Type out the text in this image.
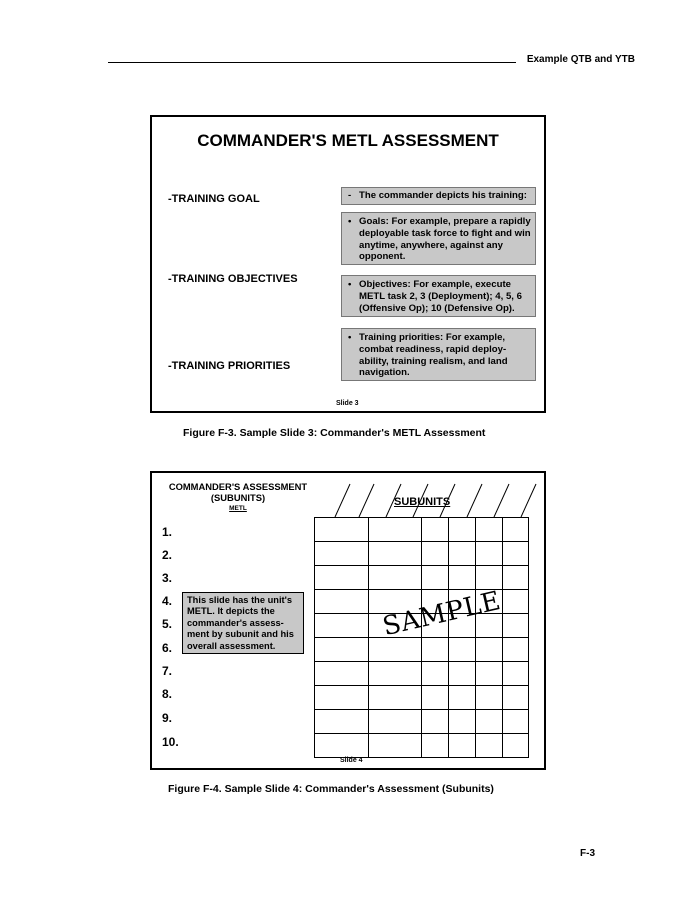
Example QTB and YTB
COMMANDER'S METL ASSESSMENT
-TRAINING GOAL
-TRAINING OBJECTIVES
-TRAINING PRIORITIES
- The commander depicts his training:
• Goals: For example, prepare a rapidly deployable task force to fight and win anytime, anywhere, against any opponent.
• Objectives: For example, execute METL task 2, 3 (Deployment); 4, 5, 6 (Offensive Op); 10 (Defensive Op).
• Training priorities: For example, combat readiness, rapid deploy-ability, training realism, and land navigation.
Slide 3
Figure F-3. Sample Slide 3: Commander's METL Assessment
COMMANDER'S ASSESSMENT
(SUBUNITS)
METL
1.
2.
3.
4.
5.
6.
7.
8.
9.
10.
This slide has the unit's METL. It depicts the commander's assess-ment by subunit and his overall assessment.
SUBUNITS
SAMPLE
Slide 4
Figure F-4. Sample Slide 4: Commander's Assessment (Subunits)
F-3
